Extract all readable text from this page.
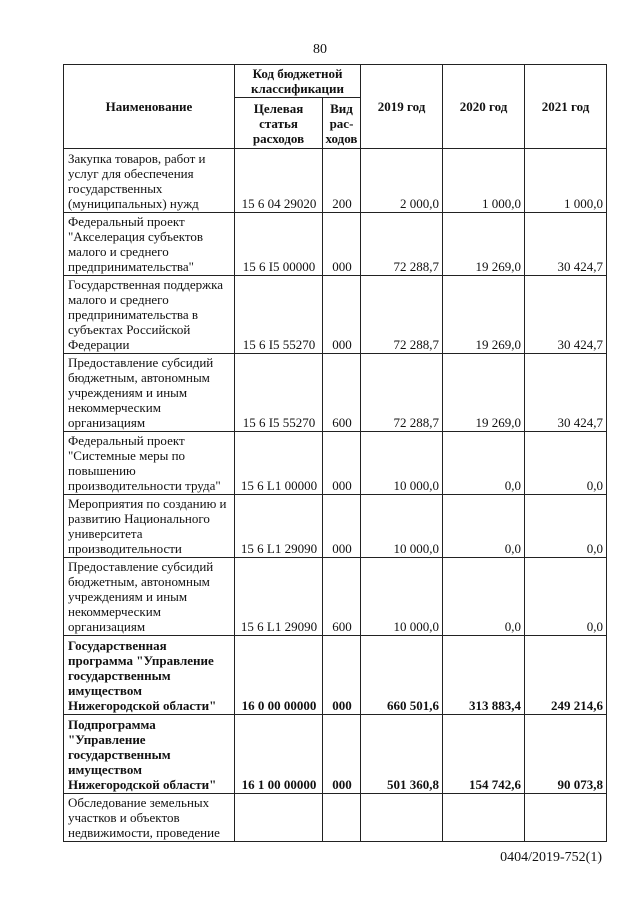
80
Наименование	Код бюджетной классификации		2019 год	2020 год	2021 год
	Целевая статья расходов	Вид рас-ходов			
Закупка товаров, работ и услуг для обеспечения государственных (муниципальных) нужд	15 6 04 29020	200	2 000,0	1 000,0	1 000,0
Федеральный проект "Акселерация субъектов малого и среднего предпринимательства"	15 6 I5 00000	000	72 288,7	19 269,0	30 424,7
Государственная поддержка малого и среднего предпринимательства в субъектах Российской Федерации	15 6 I5 55270	000	72 288,7	19 269,0	30 424,7
Предоставление субсидий бюджетным, автономным учреждениям и иным некоммерческим организациям	15 6 I5 55270	600	72 288,7	19 269,0	30 424,7
Федеральный проект "Системные меры по повышению производительности труда"	15 6 L1 00000	000	10 000,0	0,0	0,0
Мероприятия по созданию и развитию Национального университета производительности	15 6 L1 29090	000	10 000,0	0,0	0,0
Предоставление субсидий бюджетным, автономным учреждениям и иным некоммерческим организациям	15 6 L1 29090	600	10 000,0	0,0	0,0
Государственная программа "Управление государственным имуществом Нижегородской области"	16 0 00 00000	000	660 501,6	313 883,4	249 214,6
Подпрограмма "Управление государственным имуществом Нижегородской области"	16 1 00 00000	000	501 360,8	154 742,6	90 073,8
Обследование земельных участков и объектов недвижимости, проведение					
0404/2019-752(1)
